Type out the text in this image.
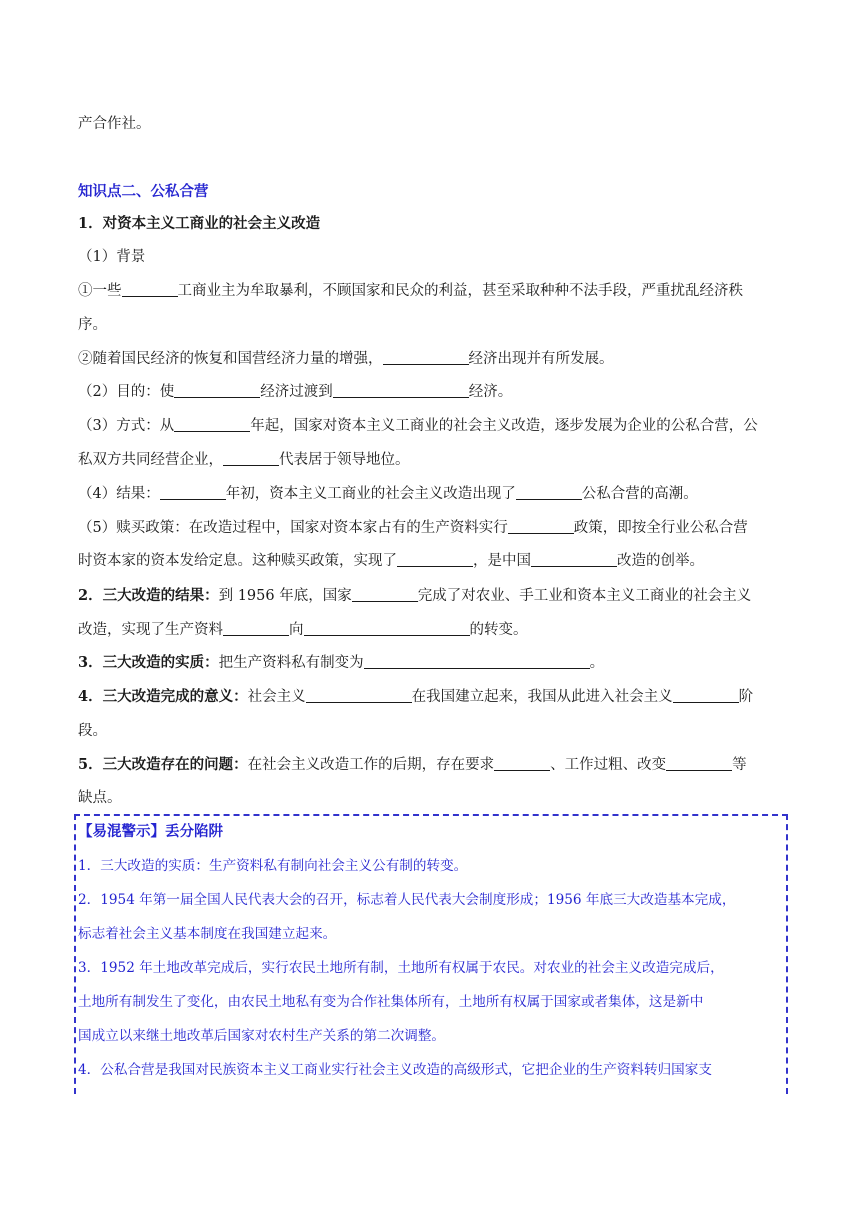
产合作社。
知识点二、公私合营
1．对资本主义工商业的社会主义改造
（1）背景
①一些	工商业主为牟取暴利，不顾国家和民众的利益，甚至采取种种不法手段，严重扰乱经济秩
序。
②随着国民经济的恢复和国营经济力量的增强，	经济出现并有所发展。
（2）目的：使	经济过渡到	经济。
（3）方式：从	年起，国家对资本主义工商业的社会主义改造，逐步发展为企业的公私合营，公
私双方共同经营企业，	代表居于领导地位。
（4）结果：	年初，资本主义工商业的社会主义改造出现了	公私合营的高潮。
（5）赎买政策：在改造过程中，国家对资本家占有的生产资料实行	政策，即按全行业公私合营
时资本家的资本发给定息。这种赎买政策，实现了	，是中国	改造的创举。
2．三大改造的结果：到 1956 年底，国家	完成了对农业、手工业和资本主义工商业的社会主义
改造，实现了生产资料	向	的转变。
3．三大改造的实质：把生产资料私有制变为	。
4．三大改造完成的意义：社会主义	在我国建立起来，我国从此进入社会主义	阶
段。
5．三大改造存在的问题：在社会主义改造工作的后期，存在要求	、工作过粗、改变	等
缺点。
【易混警示】丢分陷阱
1．三大改造的实质：生产资料私有制向社会主义公有制的转变。
2．1954 年第一届全国人民代表大会的召开，标志着人民代表大会制度形成；1956 年底三大改造基本完成，
标志着社会主义基本制度在我国建立起来。
3．1952 年土地改革完成后，实行农民土地所有制，土地所有权属于农民。对农业的社会主义改造完成后，
土地所有制发生了变化，由农民土地私有变为合作社集体所有，土地所有权属于国家或者集体，这是新中
国成立以来继土地改革后国家对农村生产关系的第二次调整。
4．公私合营是我国对民族资本主义工商业实行社会主义改造的高级形式，它把企业的生产资料转归国家支
